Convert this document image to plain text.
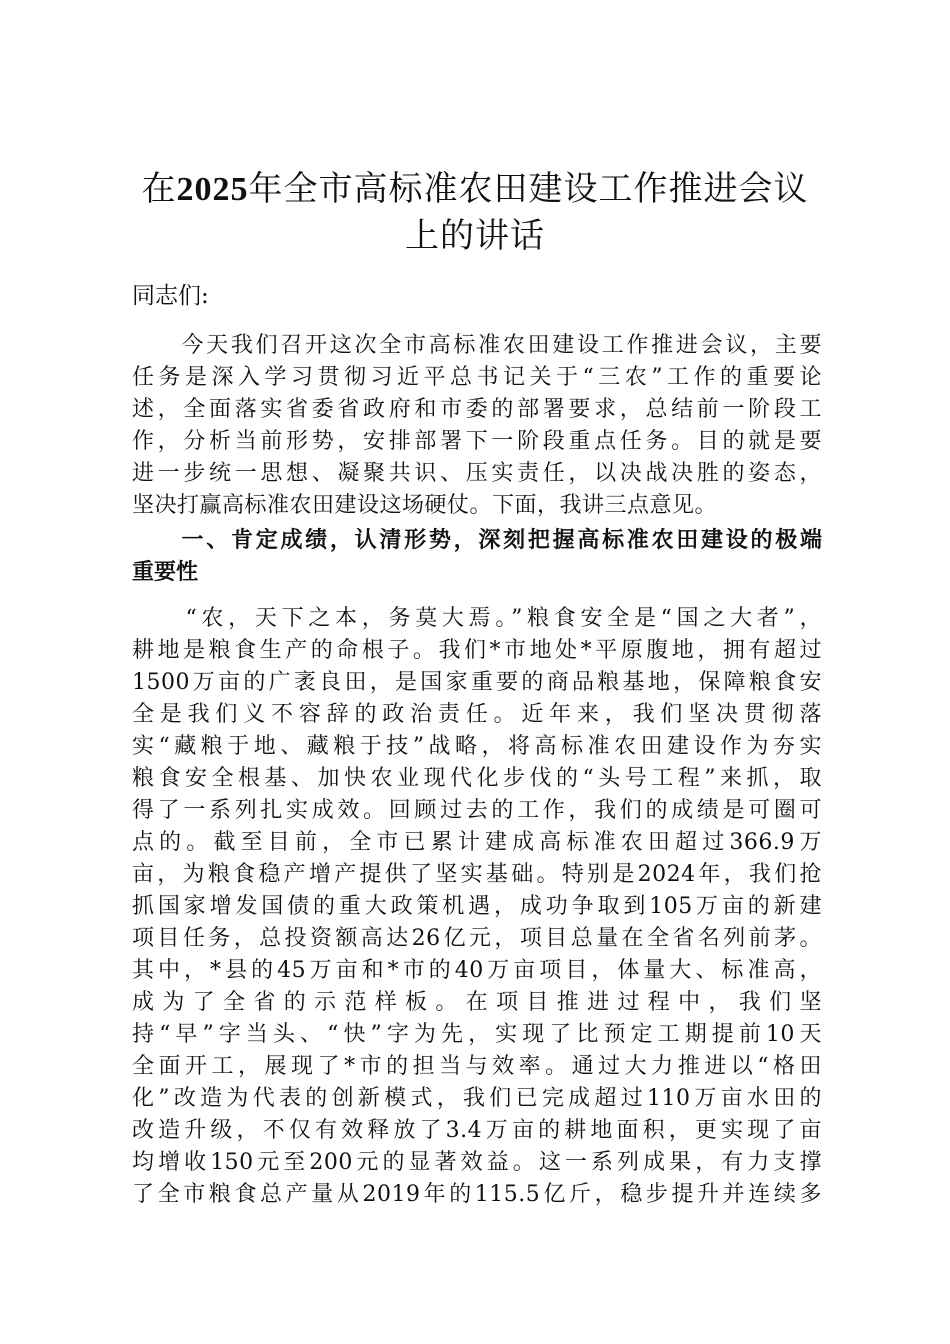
在2025年全市高标准农田建设工作推进会议
上的讲话

同志们:

　　今天我们召开这次全市高标准农田建设工作推进会议，主要
任务是深入学习贯彻习近平总书记关于“三农”工作的重要论
述，全面落实省委省政府和市委的部署要求，总结前一阶段工
作，分析当前形势，安排部署下一阶段重点任务。目的就是要
进一步统一思想、凝聚共识、压实责任，以决战决胜的姿态，
坚决打赢高标准农田建设这场硬仗。下面，我讲三点意见。

　　一、肯定成绩，认清形势，深刻把握高标准农田建设的极端
重要性

　　“农，天下之本，务莫大焉。”粮食安全是“国之大者”，
耕地是粮食生产的命根子。我们*市地处*平原腹地，拥有超过
1500万亩的广袤良田，是国家重要的商品粮基地，保障粮食安
全是我们义不容辞的政治责任。近年来，我们坚决贯彻落
实“藏粮于地、藏粮于技”战略，将高标准农田建设作为夯实
粮食安全根基、加快农业现代化步伐的“头号工程”来抓，取
得了一系列扎实成效。回顾过去的工作，我们的成绩是可圈可
点的。截至目前，全市已累计建成高标准农田超过366.9万
亩，为粮食稳产增产提供了坚实基础。特别是2024年，我们抢
抓国家增发国债的重大政策机遇，成功争取到105万亩的新建
项目任务，总投资额高达26亿元，项目总量在全省名列前茅。
其中，*县的45万亩和*市的40万亩项目，体量大、标准高，
成为了全省的示范样板。在项目推进过程中，我们坚
持“早”字当头、“快”字为先，实现了比预定工期提前10天
全面开工，展现了*市的担当与效率。通过大力推进以“格田
化”改造为代表的创新模式，我们已完成超过110万亩水田的
改造升级，不仅有效释放了3.4万亩的耕地面积，更实现了亩
均增收150元至200元的显著效益。这一系列成果，有力支撑
了全市粮食总产量从2019年的115.5亿斤，稳步提升并连续多
